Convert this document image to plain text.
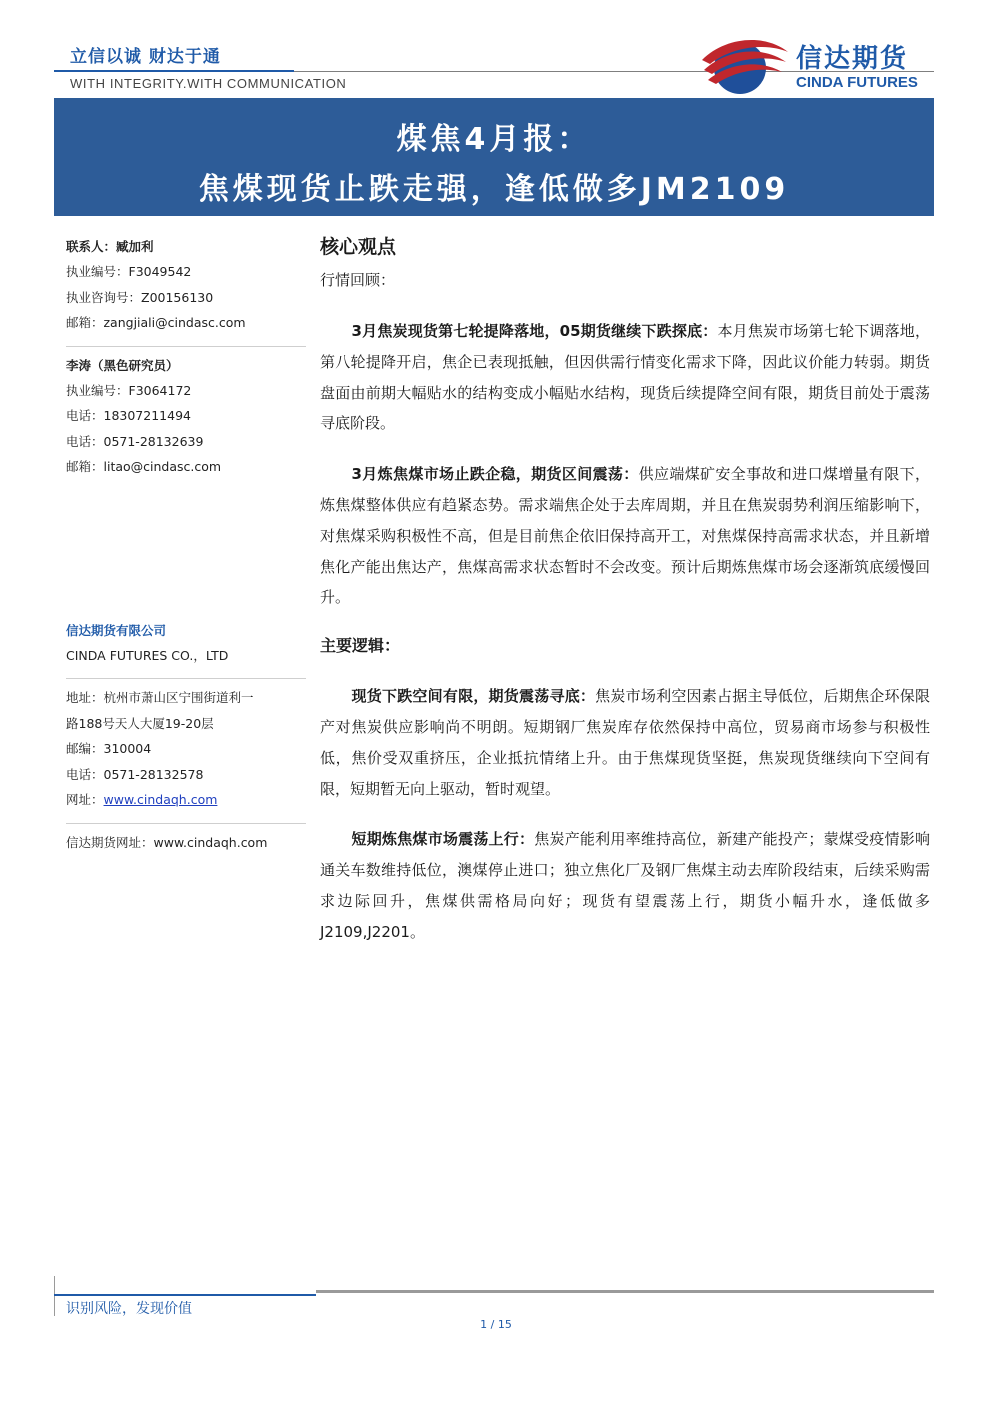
立信以诚 财达于通
WITH INTEGRITY.WITH COMMUNICATION
信达期货
CINDA FUTURES
煤焦4月报：
焦煤现货止跌走强，逢低做多JM2109
联系人：臧加利
执业编号：F3049542
执业咨询号：Z00156130
邮箱：zangjiali@cindasc.com
李涛（黑色研究员）
执业编号：F3064172
电话：18307211494
电话：0571-28132639
邮箱：litao@cindasc.com
信达期货有限公司
CINDA FUTURES CO.，LTD
地址：杭州市萧山区宁围街道利一
路188号天人大厦19-20层
邮编：310004
电话：0571-28132578
网址：www.cindaqh.com
信达期货网址：www.cindaqh.com
核心观点
行情回顾：

3月焦炭现货第七轮提降落地，05期货继续下跌探底：本月焦炭市场第七轮下调落地，第八轮提降开启，焦企已表现抵触，但因供需行情变化需求下降，因此议价能力转弱。期货盘面由前期大幅贴水的结构变成小幅贴水结构，现货后续提降空间有限，期货目前处于震荡寻底阶段。

3月炼焦煤市场止跌企稳，期货区间震荡：供应端煤矿安全事故和进口煤增量有限下，炼焦煤整体供应有趋紧态势。需求端焦企处于去库周期，并且在焦炭弱势利润压缩影响下，对焦煤采购积极性不高，但是目前焦企依旧保持高开工，对焦煤保持高需求状态，并且新增焦化产能出焦达产，焦煤高需求状态暂时不会改变。预计后期炼焦煤市场会逐渐筑底缓慢回升。

主要逻辑：

现货下跌空间有限，期货震荡寻底：焦炭市场利空因素占据主导低位，后期焦企环保限产对焦炭供应影响尚不明朗。短期钢厂焦炭库存依然保持中高位，贸易商市场参与积极性低，焦价受双重挤压，企业抵抗情绪上升。由于焦煤现货坚挺，焦炭现货继续向下空间有限，短期暂无向上驱动，暂时观望。

短期炼焦煤市场震荡上行：焦炭产能利用率维持高位，新建产能投产；蒙煤受疫情影响通关车数维持低位，澳煤停止进口；独立焦化厂及钢厂焦煤主动去库阶段结束，后续采购需求边际回升，焦煤供需格局向好；现货有望震荡上行，期货小幅升水，逢低做多J2109,J2201。

识别风险，发现价值
1 / 15
